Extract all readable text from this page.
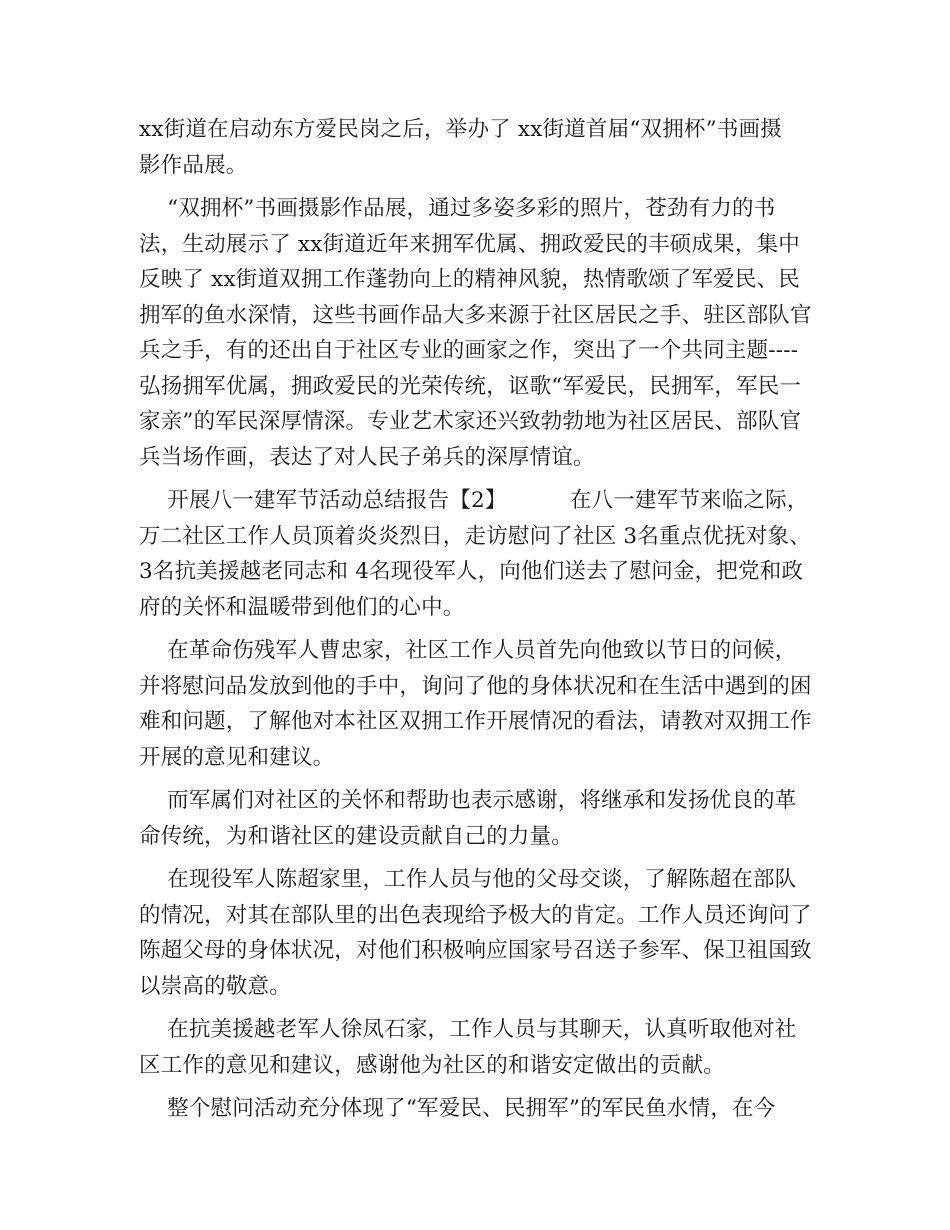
xx街道在启动东方爱民岗之后，举办了 xx街道首届“双拥杯”书画摄
影作品展。
“双拥杯”书画摄影作品展，通过多姿多彩的照片，苍劲有力的书
法，生动展示了 xx街道近年来拥军优属、拥政爱民的丰硕成果，集中
反映了 xx街道双拥工作蓬勃向上的精神风貌，热情歌颂了军爱民、民
拥军的鱼水深情，这些书画作品大多来源于社区居民之手、驻区部队官
兵之手，有的还出自于社区专业的画家之作，突出了一个共同主题----
弘扬拥军优属，拥政爱民的光荣传统，讴歌“军爱民，民拥军，军民一
家亲”的军民深厚情深。专业艺术家还兴致勃勃地为社区居民、部队官
兵当场作画，表达了对人民子弟兵的深厚情谊。
开展八一建军节活动总结报告【2】         在八一建军节来临之际，
万二社区工作人员顶着炎炎烈日，走访慰问了社区 3名重点优抚对象、
3名抗美援越老同志和 4名现役军人，向他们送去了慰问金，把党和政
府的关怀和温暖带到他们的心中。
在革命伤残军人曹忠家，社区工作人员首先向他致以节日的问候，
并将慰问品发放到他的手中，询问了他的身体状况和在生活中遇到的困
难和问题，了解他对本社区双拥工作开展情况的看法，请教对双拥工作
开展的意见和建议。
而军属们对社区的关怀和帮助也表示感谢，将继承和发扬优良的革
命传统，为和谐社区的建设贡献自己的力量。
在现役军人陈超家里，工作人员与他的父母交谈，了解陈超在部队
的情况，对其在部队里的出色表现给予极大的肯定。工作人员还询问了
陈超父母的身体状况，对他们积极响应国家号召送子参军、保卫祖国致
以崇高的敬意。
在抗美援越老军人徐凤石家，工作人员与其聊天，认真听取他对社
区工作的意见和建议，感谢他为社区的和谐安定做出的贡献。
整个慰问活动充分体现了“军爱民、民拥军”的军民鱼水情，在今
